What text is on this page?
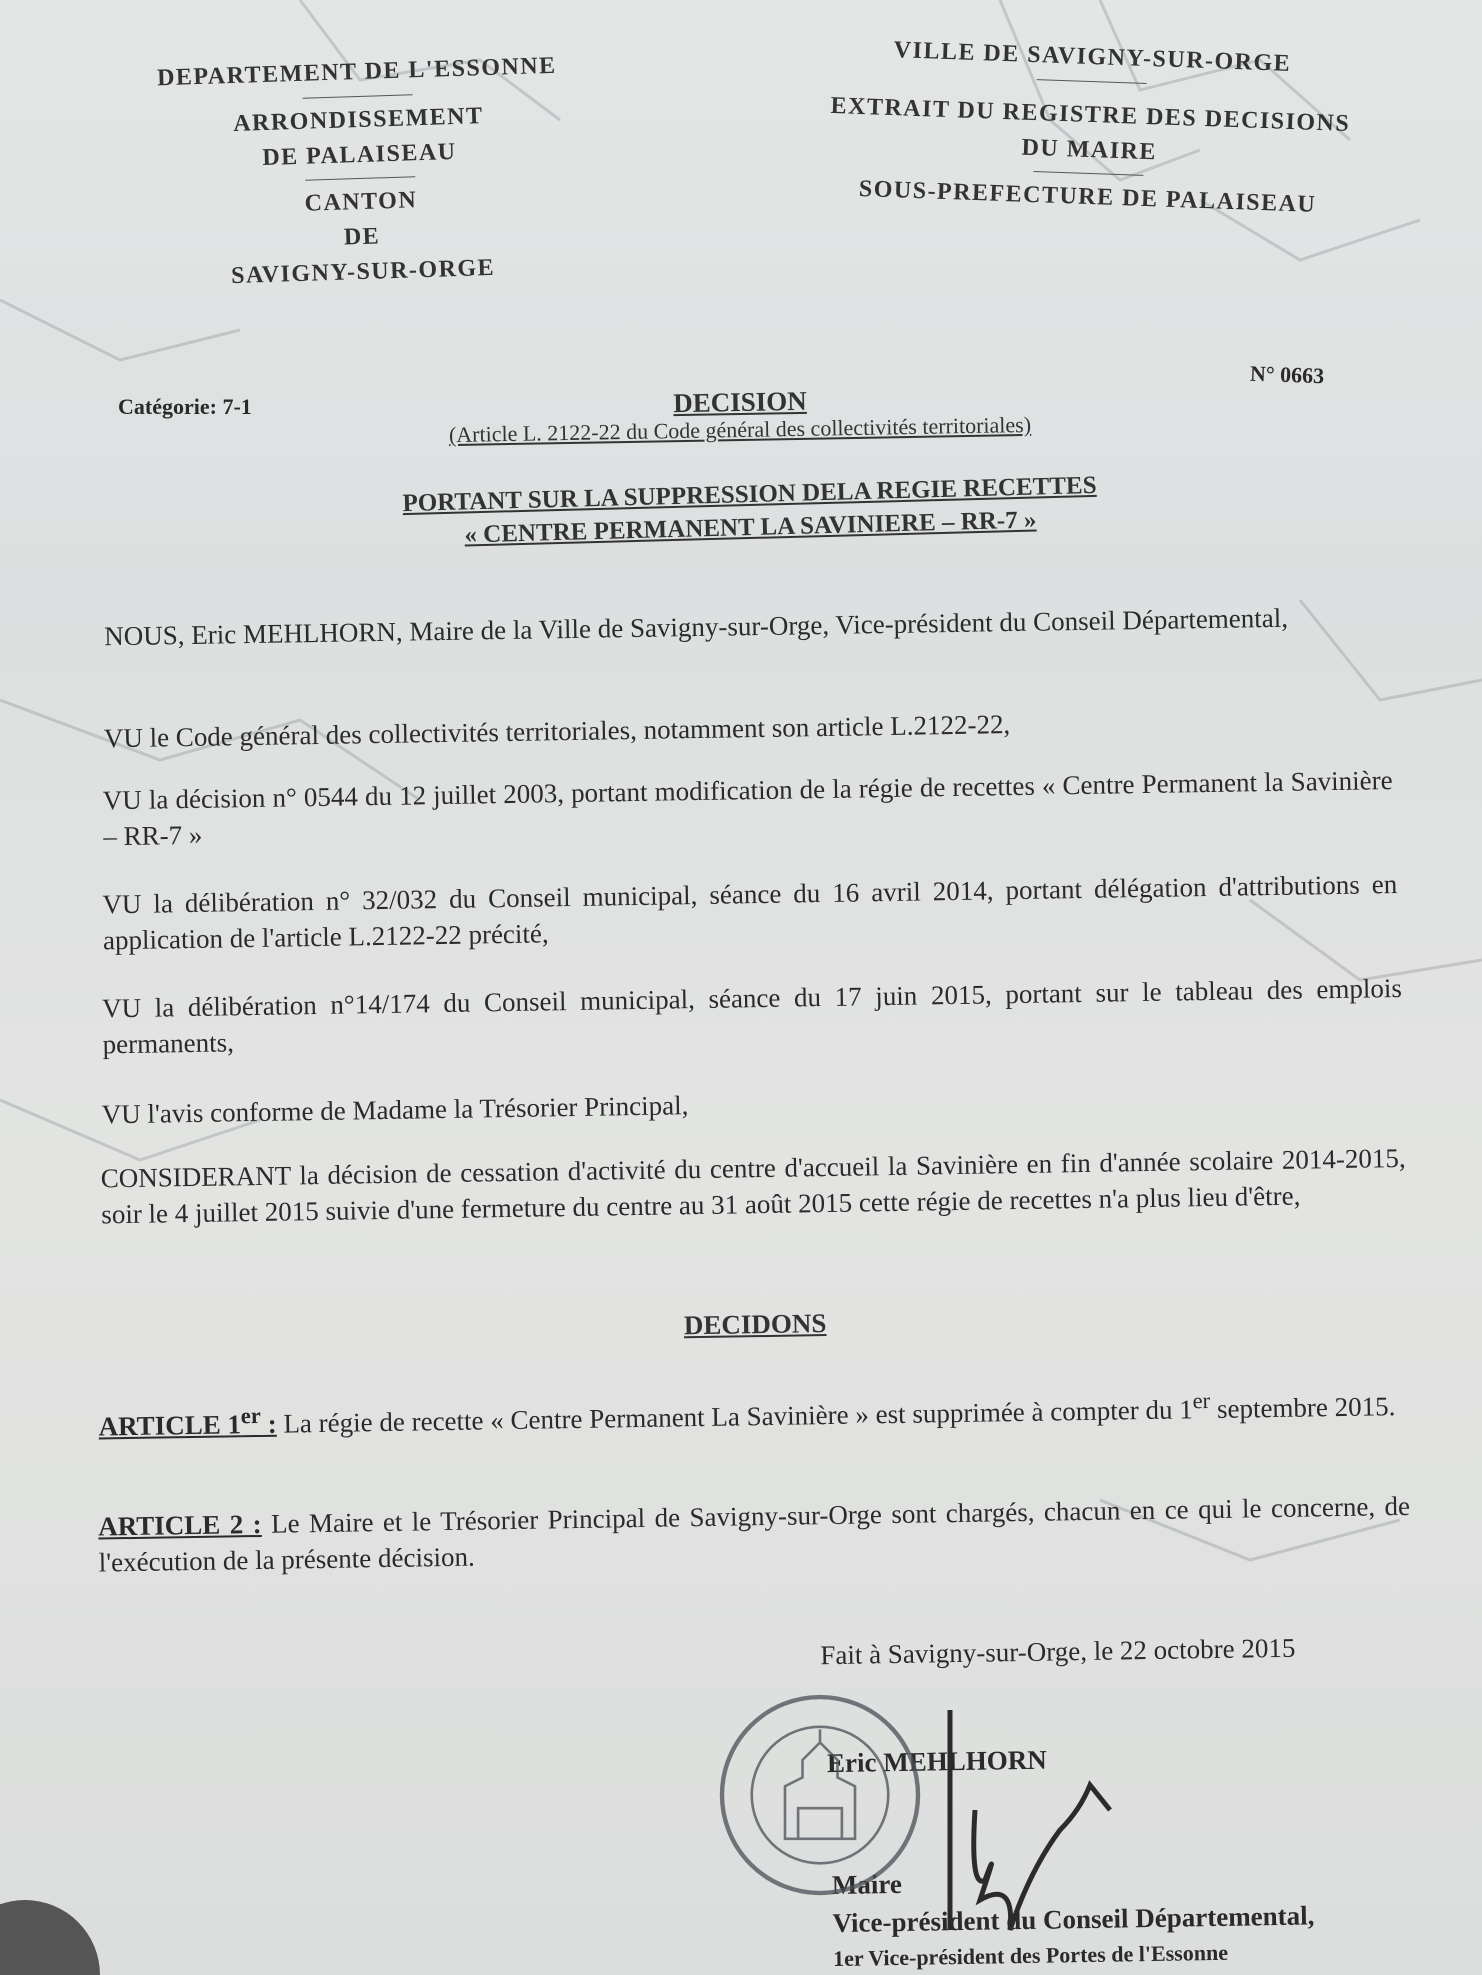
DEPARTEMENT DE L'ESSONNE
ARRONDISSEMENT
DE PALAISEAU
CANTON
DE
SAVIGNY-SUR-ORGE
VILLE DE SAVIGNY-SUR-ORGE
EXTRAIT DU REGISTRE DES DECISIONS
DU MAIRE
SOUS-PREFECTURE DE PALAISEAU
N° 0663
Catégorie: 7-1	DECISION
(Article L. 2122-22 du Code général des collectivités territoriales)
PORTANT SUR LA SUPPRESSION DELA REGIE RECETTES
« CENTRE PERMANENT LA SAVINIERE – RR-7 »
NOUS, Eric MEHLHORN, Maire de la Ville de Savigny-sur-Orge, Vice-président du Conseil Départemental,
VU le Code général des collectivités territoriales, notamment son article L.2122-22,
VU la décision n° 0544 du 12 juillet 2003, portant modification de la régie de recettes « Centre Permanent la Savinière – RR-7 »
VU la délibération n° 32/032 du Conseil municipal, séance du 16 avril 2014, portant délégation d'attributions en application de l'article L.2122-22 précité,
VU la délibération n°14/174 du Conseil municipal, séance du 17 juin 2015, portant sur le tableau des emplois permanents,
VU l'avis conforme de Madame la Trésorier Principal,
CONSIDERANT la décision de cessation d'activité du centre d'accueil la Savinière en fin d'année scolaire 2014-2015, soir le 4 juillet 2015 suivie d'une fermeture du centre au 31 août 2015 cette régie de recettes n'a plus lieu d'être,
DECIDONS
ARTICLE 1er : La régie de recette « Centre Permanent La Savinière » est supprimée à compter du 1er septembre 2015.
ARTICLE 2 : Le Maire et le Trésorier Principal de Savigny-sur-Orge sont chargés, chacun en ce qui le concerne, de l'exécution de la présente décision.
Fait à Savigny-sur-Orge, le 22 octobre 2015
Eric MEHLHORN
Maire
Vice-président du Conseil Départemental,
1er Vice-président des Portes de l'Essonne
